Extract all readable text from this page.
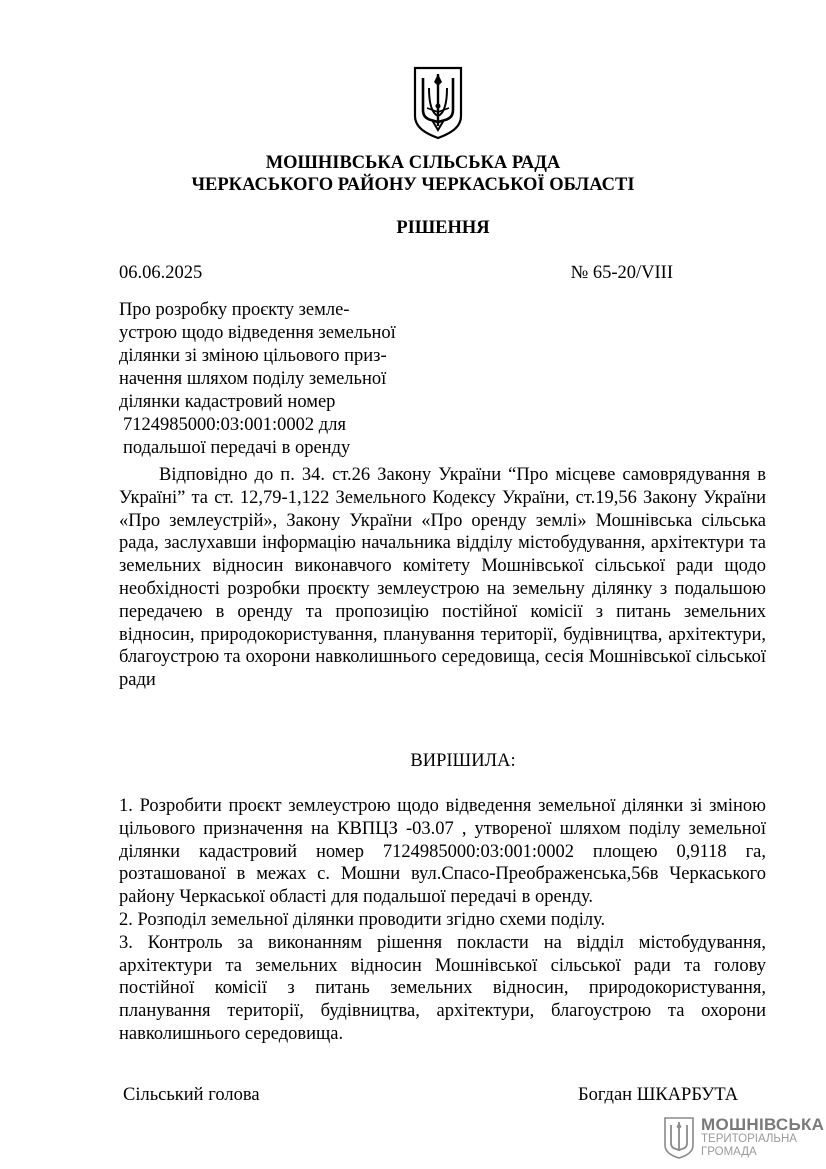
МОШНІВСЬКА СІЛЬСЬКА РАДА
ЧЕРКАСЬКОГО РАЙОНУ ЧЕРКАСЬКОЇ ОБЛАСТІ
РІШЕННЯ
06.06.2025	№ 65-20/VIII
Про розробку проєкту земле-
устрою щодо відведення земельної
ділянки зі зміною цільового приз-
начення шляхом поділу земельної
ділянки кадастровий номер
7124985000:03:001:0002 для
подальшої передачі в оренду
Відповідно до п. 34. ст.26 Закону України “Про місцеве самоврядування в Україні” та ст. 12,79-1,122 Земельного Кодексу України, ст.19,56 Закону України «Про землеустрій», Закону України «Про оренду землі» Мошнівська сільська рада, заслухавши інформацію начальника відділу містобудування, архітектури та земельних відносин виконавчого комітету Мошнівської сільської ради щодо необхідності розробки проєкту землеустрою на земельну ділянку з подальшою передачею в оренду та пропозицію постійної комісії з питань земельних відносин, природокористування, планування території, будівництва, архітектури, благоустрою та охорони навколишнього середовища, сесія Мошнівської сільської ради
ВИРІШИЛА:

1. Розробити проєкт землеустрою щодо відведення земельної ділянки зі зміною цільового призначення на КВПЦЗ -03.07 , утвореної шляхом поділу земельної ділянки кадастровий номер 7124985000:03:001:0002 площею 0,9118 га, розташованої в межах с. Мошни вул.Спасо-Преображенська,56в Черкаського району Черкаської області для подальшої передачі в оренду.

2. Розподіл земельної ділянки проводити згідно схеми поділу.

3. Контроль за виконанням рішення покласти на відділ містобудування, архітектури та земельних відносин Мошнівської сільської ради та голову постійної комісії з питань земельних відносин, природокористування, планування території, будівництва, архітектури, благоустрою та охорони навколишнього середовища.

Сільський голова	Богдан ШКАРБУТА
МОШНІВСЬКА
ТЕРИТОРІАЛЬНА
ГРОМАДА
